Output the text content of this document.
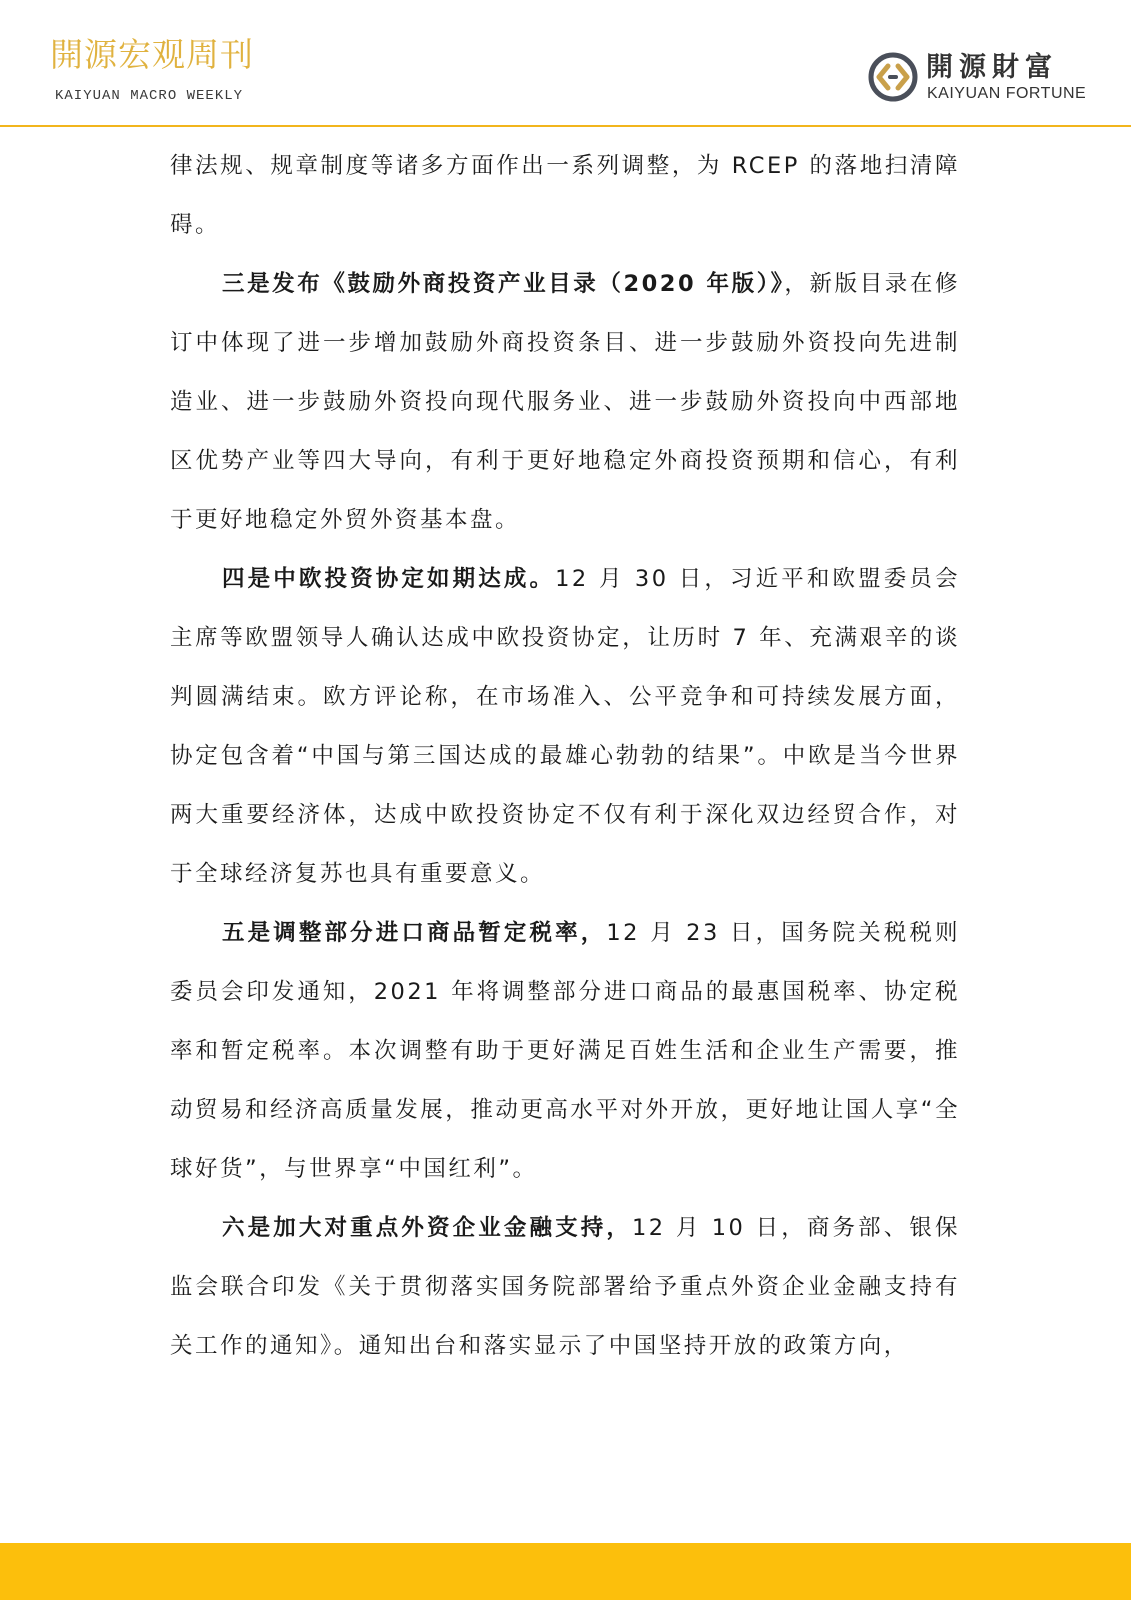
開源宏观周刊
KAIYUAN MACRO WEEKLY
開源財富
KAIYUAN FORTUNE

律法规、规章制度等诸多方面作出一系列调整，为 RCEP 的落地扫清障碍。

三是发布《鼓励外商投资产业目录（2020 年版）》，新版目录在修订中体现了进一步增加鼓励外商投资条目、进一步鼓励外资投向先进制造业、进一步鼓励外资投向现代服务业、进一步鼓励外资投向中西部地区优势产业等四大导向，有利于更好地稳定外商投资预期和信心，有利于更好地稳定外贸外资基本盘。

四是中欧投资协定如期达成。12 月 30 日，习近平和欧盟委员会主席等欧盟领导人确认达成中欧投资协定，让历时 7 年、充满艰辛的谈判圆满结束。欧方评论称，在市场准入、公平竞争和可持续发展方面，协定包含着“中国与第三国达成的最雄心勃勃的结果”。中欧是当今世界两大重要经济体，达成中欧投资协定不仅有利于深化双边经贸合作，对于全球经济复苏也具有重要意义。

五是调整部分进口商品暂定税率，12 月 23 日，国务院关税税则委员会印发通知，2021 年将调整部分进口商品的最惠国税率、协定税率和暂定税率。本次调整有助于更好满足百姓生活和企业生产需要，推动贸易和经济高质量发展，推动更高水平对外开放，更好地让国人享“全球好货”，与世界享“中国红利”。

六是加大对重点外资企业金融支持，12 月 10 日，商务部、银保监会联合印发《关于贯彻落实国务院部署给予重点外资企业金融支持有关工作的通知》。通知出台和落实显示了中国坚持开放的政策方向，
